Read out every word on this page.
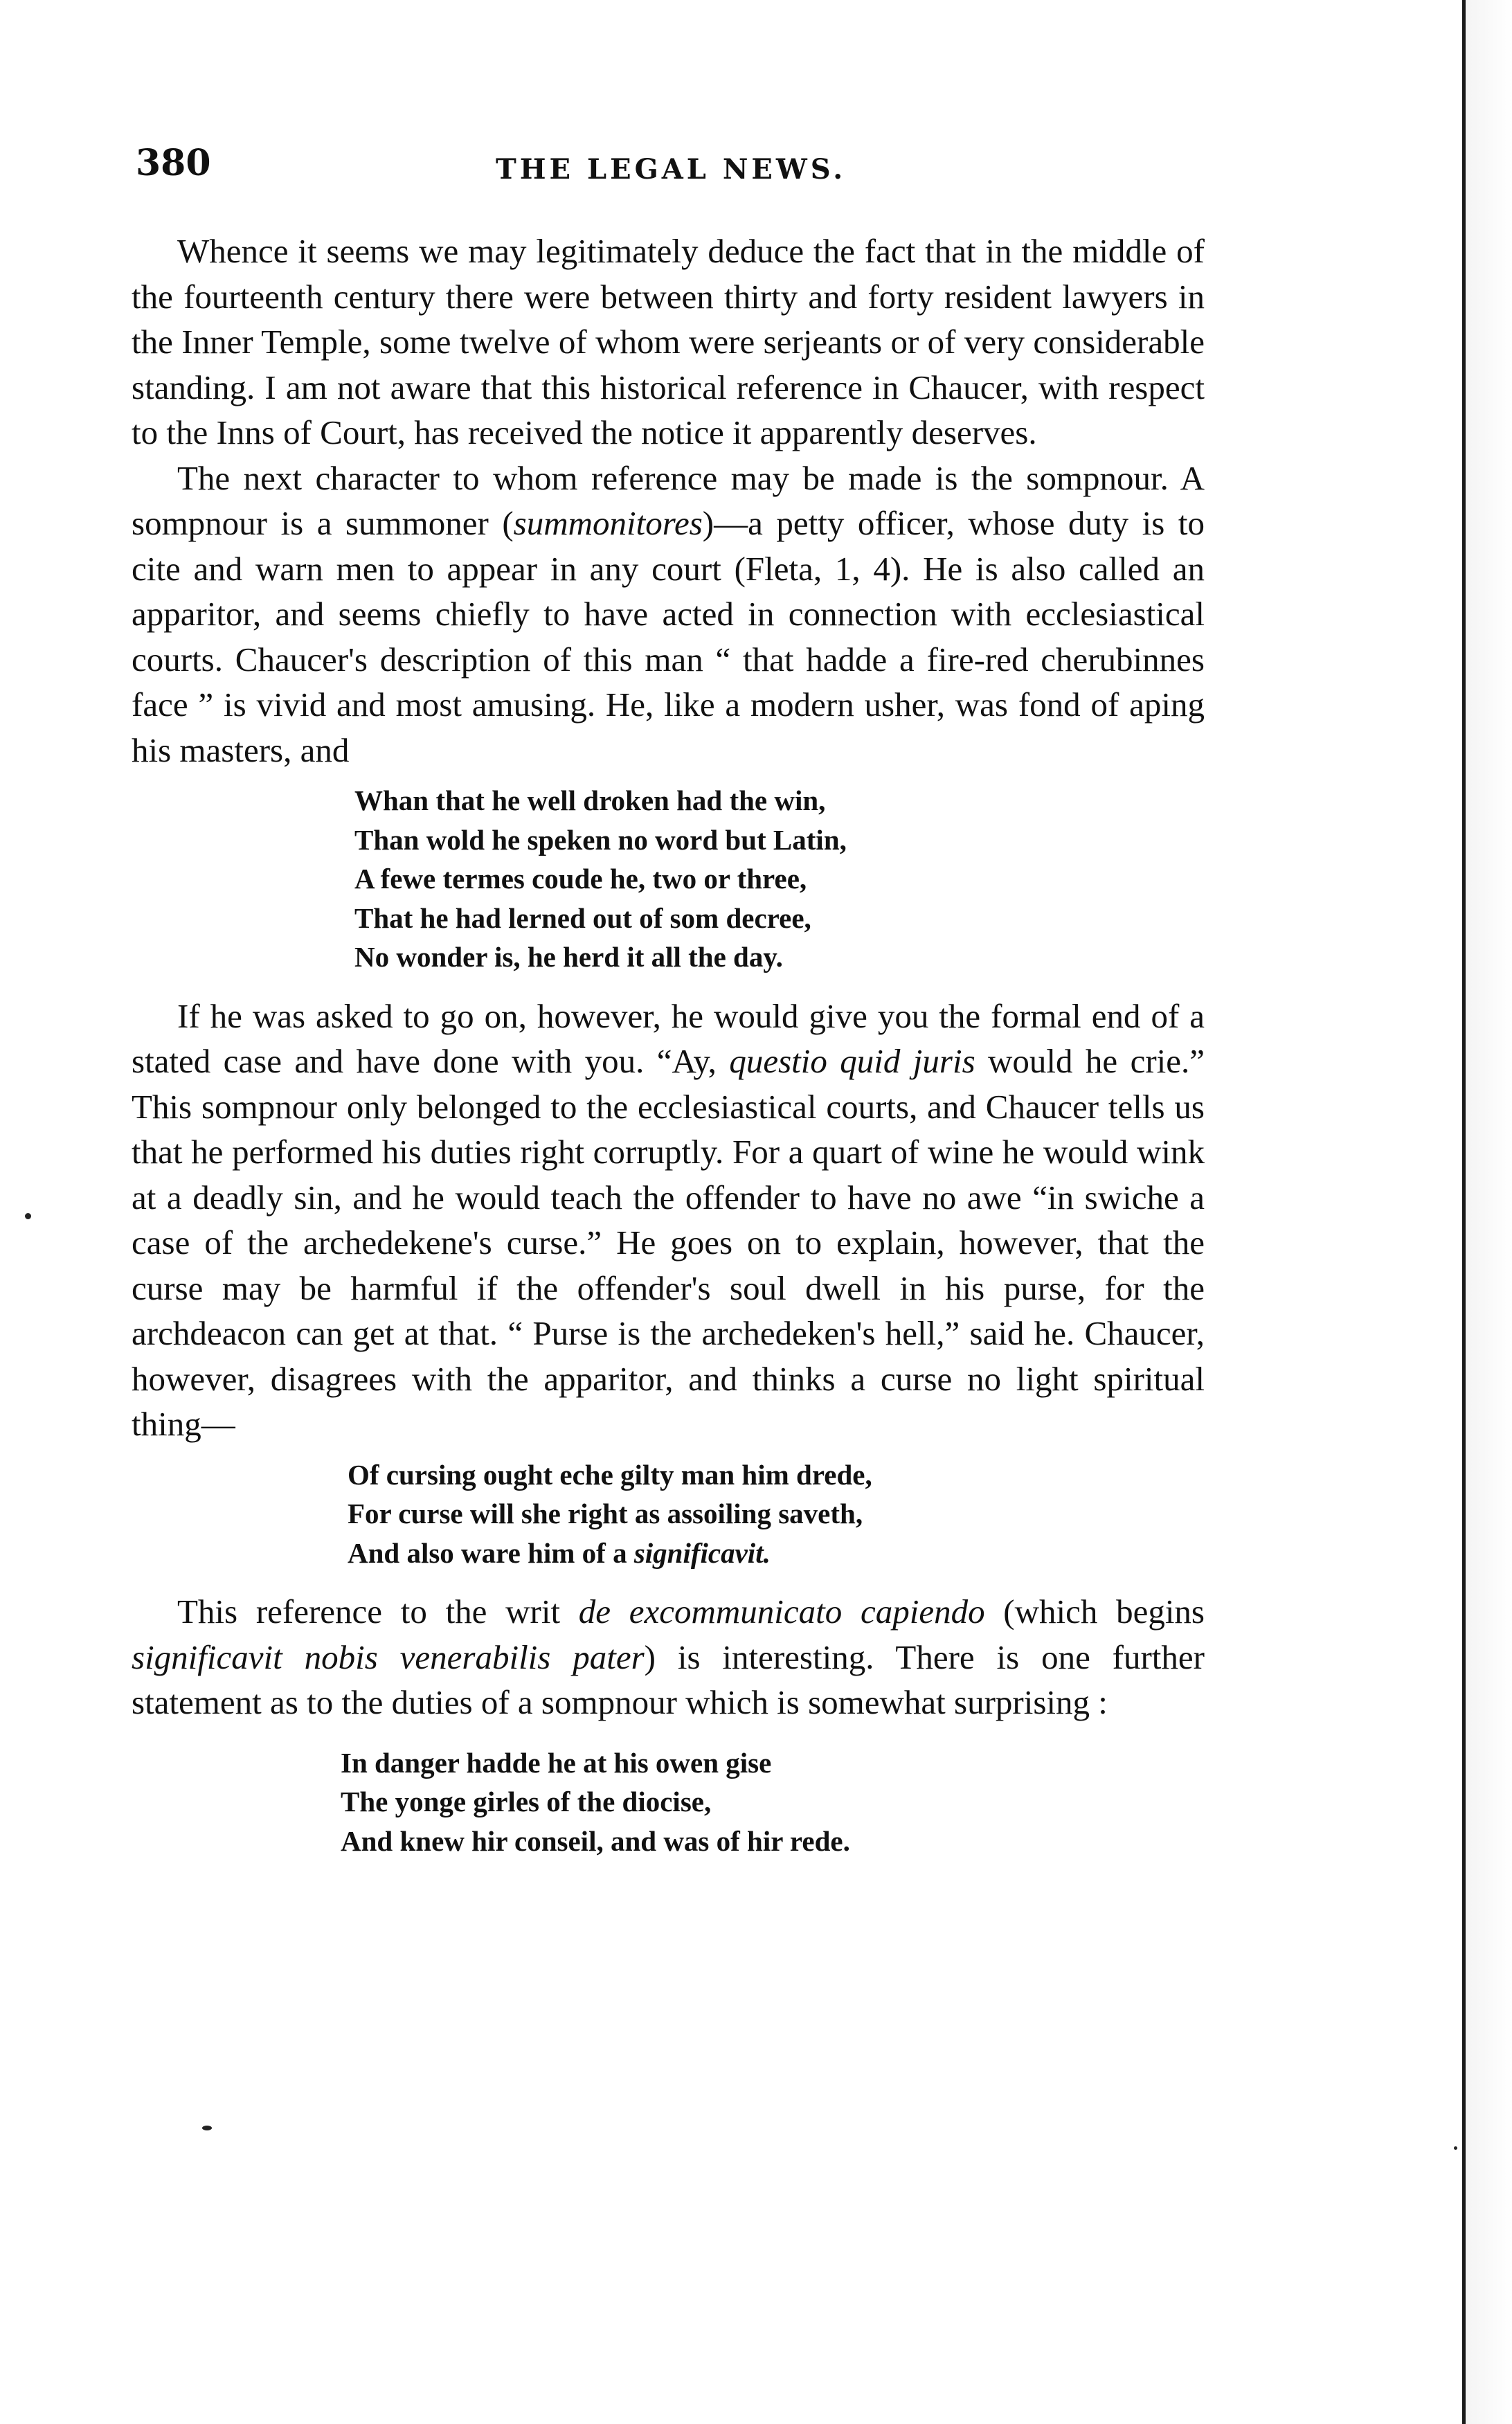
380	THE LEGAL NEWS.

Whence it seems we may legitimately deduce the fact that in the middle of the fourteenth century there were between thirty and forty resident lawyers in the Inner Temple, some twelve of whom were serjeants or of very considerable standing. I am not aware that this historical reference in Chaucer, with respect to the Inns of Court, has received the notice it apparently deserves.

The next character to whom reference may be made is the sompnour. A sompnour is a summoner (summonitores)—a petty officer, whose duty is to cite and warn men to appear in any court (Fleta, 1, 4). He is also called an apparitor, and seems chiefly to have acted in connection with ecclesiastical courts. Chaucer's description of this man “ that hadde a fire-red cherubinnes face ” is vivid and most amusing. He, like a modern usher, was fond of aping his masters, and

Whan that he well droken had the win,
Than wold he speken no word but Latin,
A fewe termes coude he, two or three,
That he had lerned out of som decree,
No wonder is, he herd it all the day.

If he was asked to go on, however, he would give you the formal end of a stated case and have done with you. “Ay, questio quid juris would he crie.” This sompnour only belonged to the ecclesiastical courts, and Chaucer tells us that he performed his duties right corruptly. For a quart of wine he would wink at a deadly sin, and he would teach the offender to have no awe “in swiche a case of the archedekene's curse.” He goes on to explain, however, that the curse may be harmful if the offender's soul dwell in his purse, for the archdeacon can get at that. “ Purse is the archedeken's hell,” said he. Chaucer, however, disagrees with the apparitor, and thinks a curse no light spiritual thing—

Of cursing ought eche gilty man him drede,
For curse will she right as assoiling saveth,
And also ware him of a significavit.

This reference to the writ de excommunicato capiendo (which begins significavit nobis venerabilis pater) is interesting. There is one further statement as to the duties of a sompnour which is somewhat surprising :

In danger hadde he at his owen gise
The yonge girles of the diocise,
And knew hir conseil, and was of hir rede.
